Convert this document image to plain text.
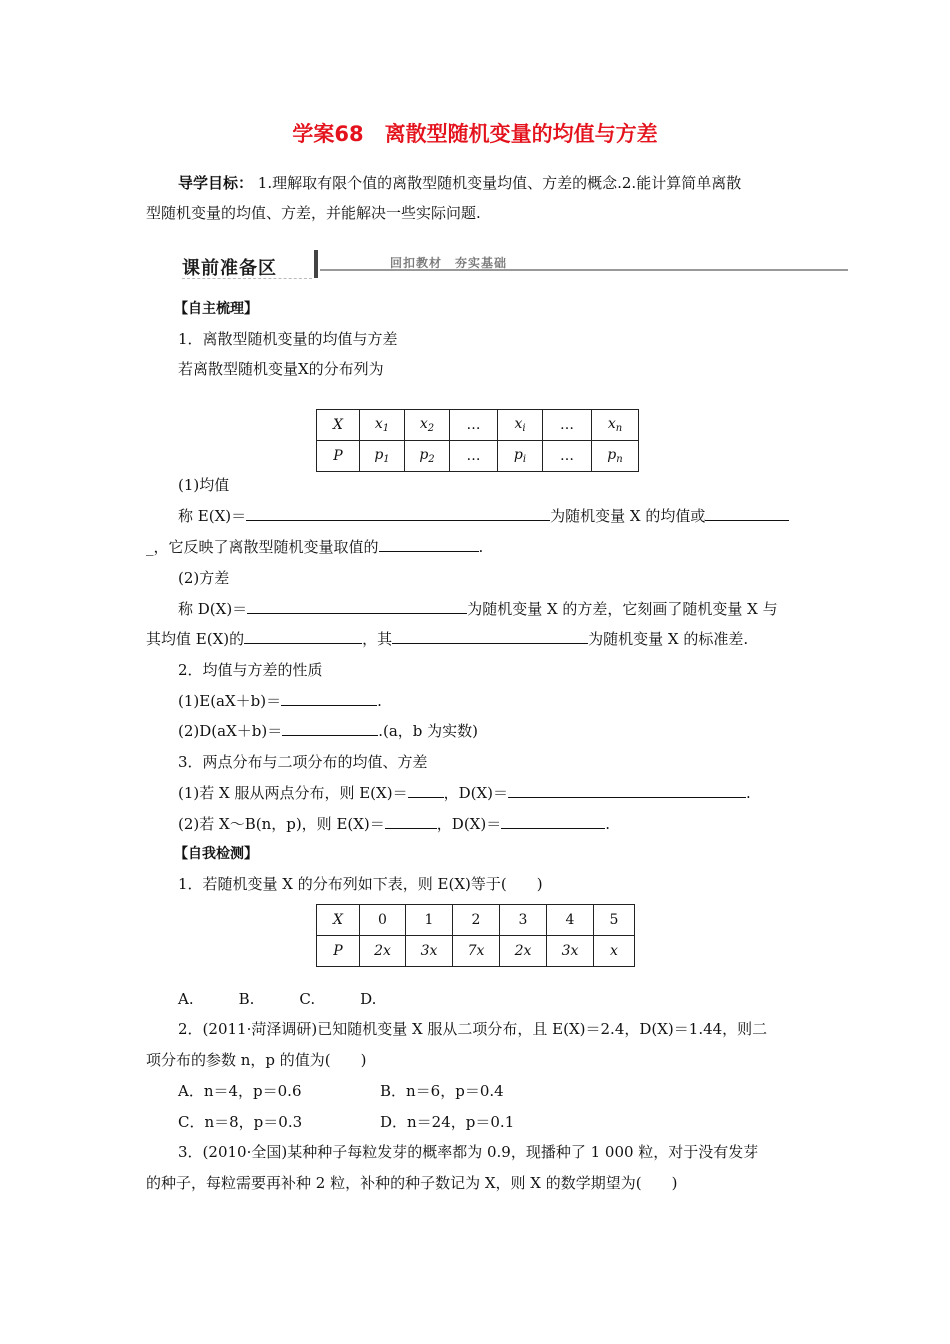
学案68　离散型随机变量的均值与方差
导学目标： 1.理解取有限个值的离散型随机变量均值、方差的概念.2.能计算简单离散
型随机变量的均值、方差，并能解决一些实际问题.
课前准备区	回扣教材　夯实基础
【自主梳理】
1．离散型随机变量的均值与方差
若离散型随机变量X的分布列为
X	$x_1$	$x_2$	…	$x_i$	…	$x_n$
P	$p_1$	$p_2$	…	$p_i$	…	$p_n$
(1)均值
称 E(X)＝	为随机变量 X 的均值或
_，它反映了离散型随机变量取值的	.
(2)方差
称 D(X)＝	为随机变量 X 的方差，它刻画了随机变量 X 与
其均值 E(X)的	，其	为随机变量 X 的标准差.
2．均值与方差的性质
(1)E(aX＋b)＝	.
(2)D(aX＋b)＝	.(a，b 为实数)
3．两点分布与二项分布的均值、方差
(1)若 X 服从两点分布，则 E(X)＝ ，D(X)＝	.
(2)若 X～B(n，p)，则 E(X)＝	，D(X)＝	.
【自我检测】
1．若随机变量 X 的分布列如下表，则 E(X)等于(　　)
X	0	1	2	3	4	5
P	2x	3x	7x	2x	3x	x
A.　　　B.　　　C.　　　D.
2．(2011·菏泽调研)已知随机变量 X 服从二项分布，且 E(X)＝2.4，D(X)＝1.44，则二
项分布的参数 n，p 的值为(　　)
A．n＝4，p＝0.6	B．n＝6，p＝0.4
C．n＝8，p＝0.3	D．n＝24，p＝0.1
3．(2010·全国)某种种子每粒发芽的概率都为 0.9，现播种了 1 000 粒，对于没有发芽
的种子，每粒需要再补种 2 粒，补种的种子数记为 X，则 X 的数学期望为(　　)
